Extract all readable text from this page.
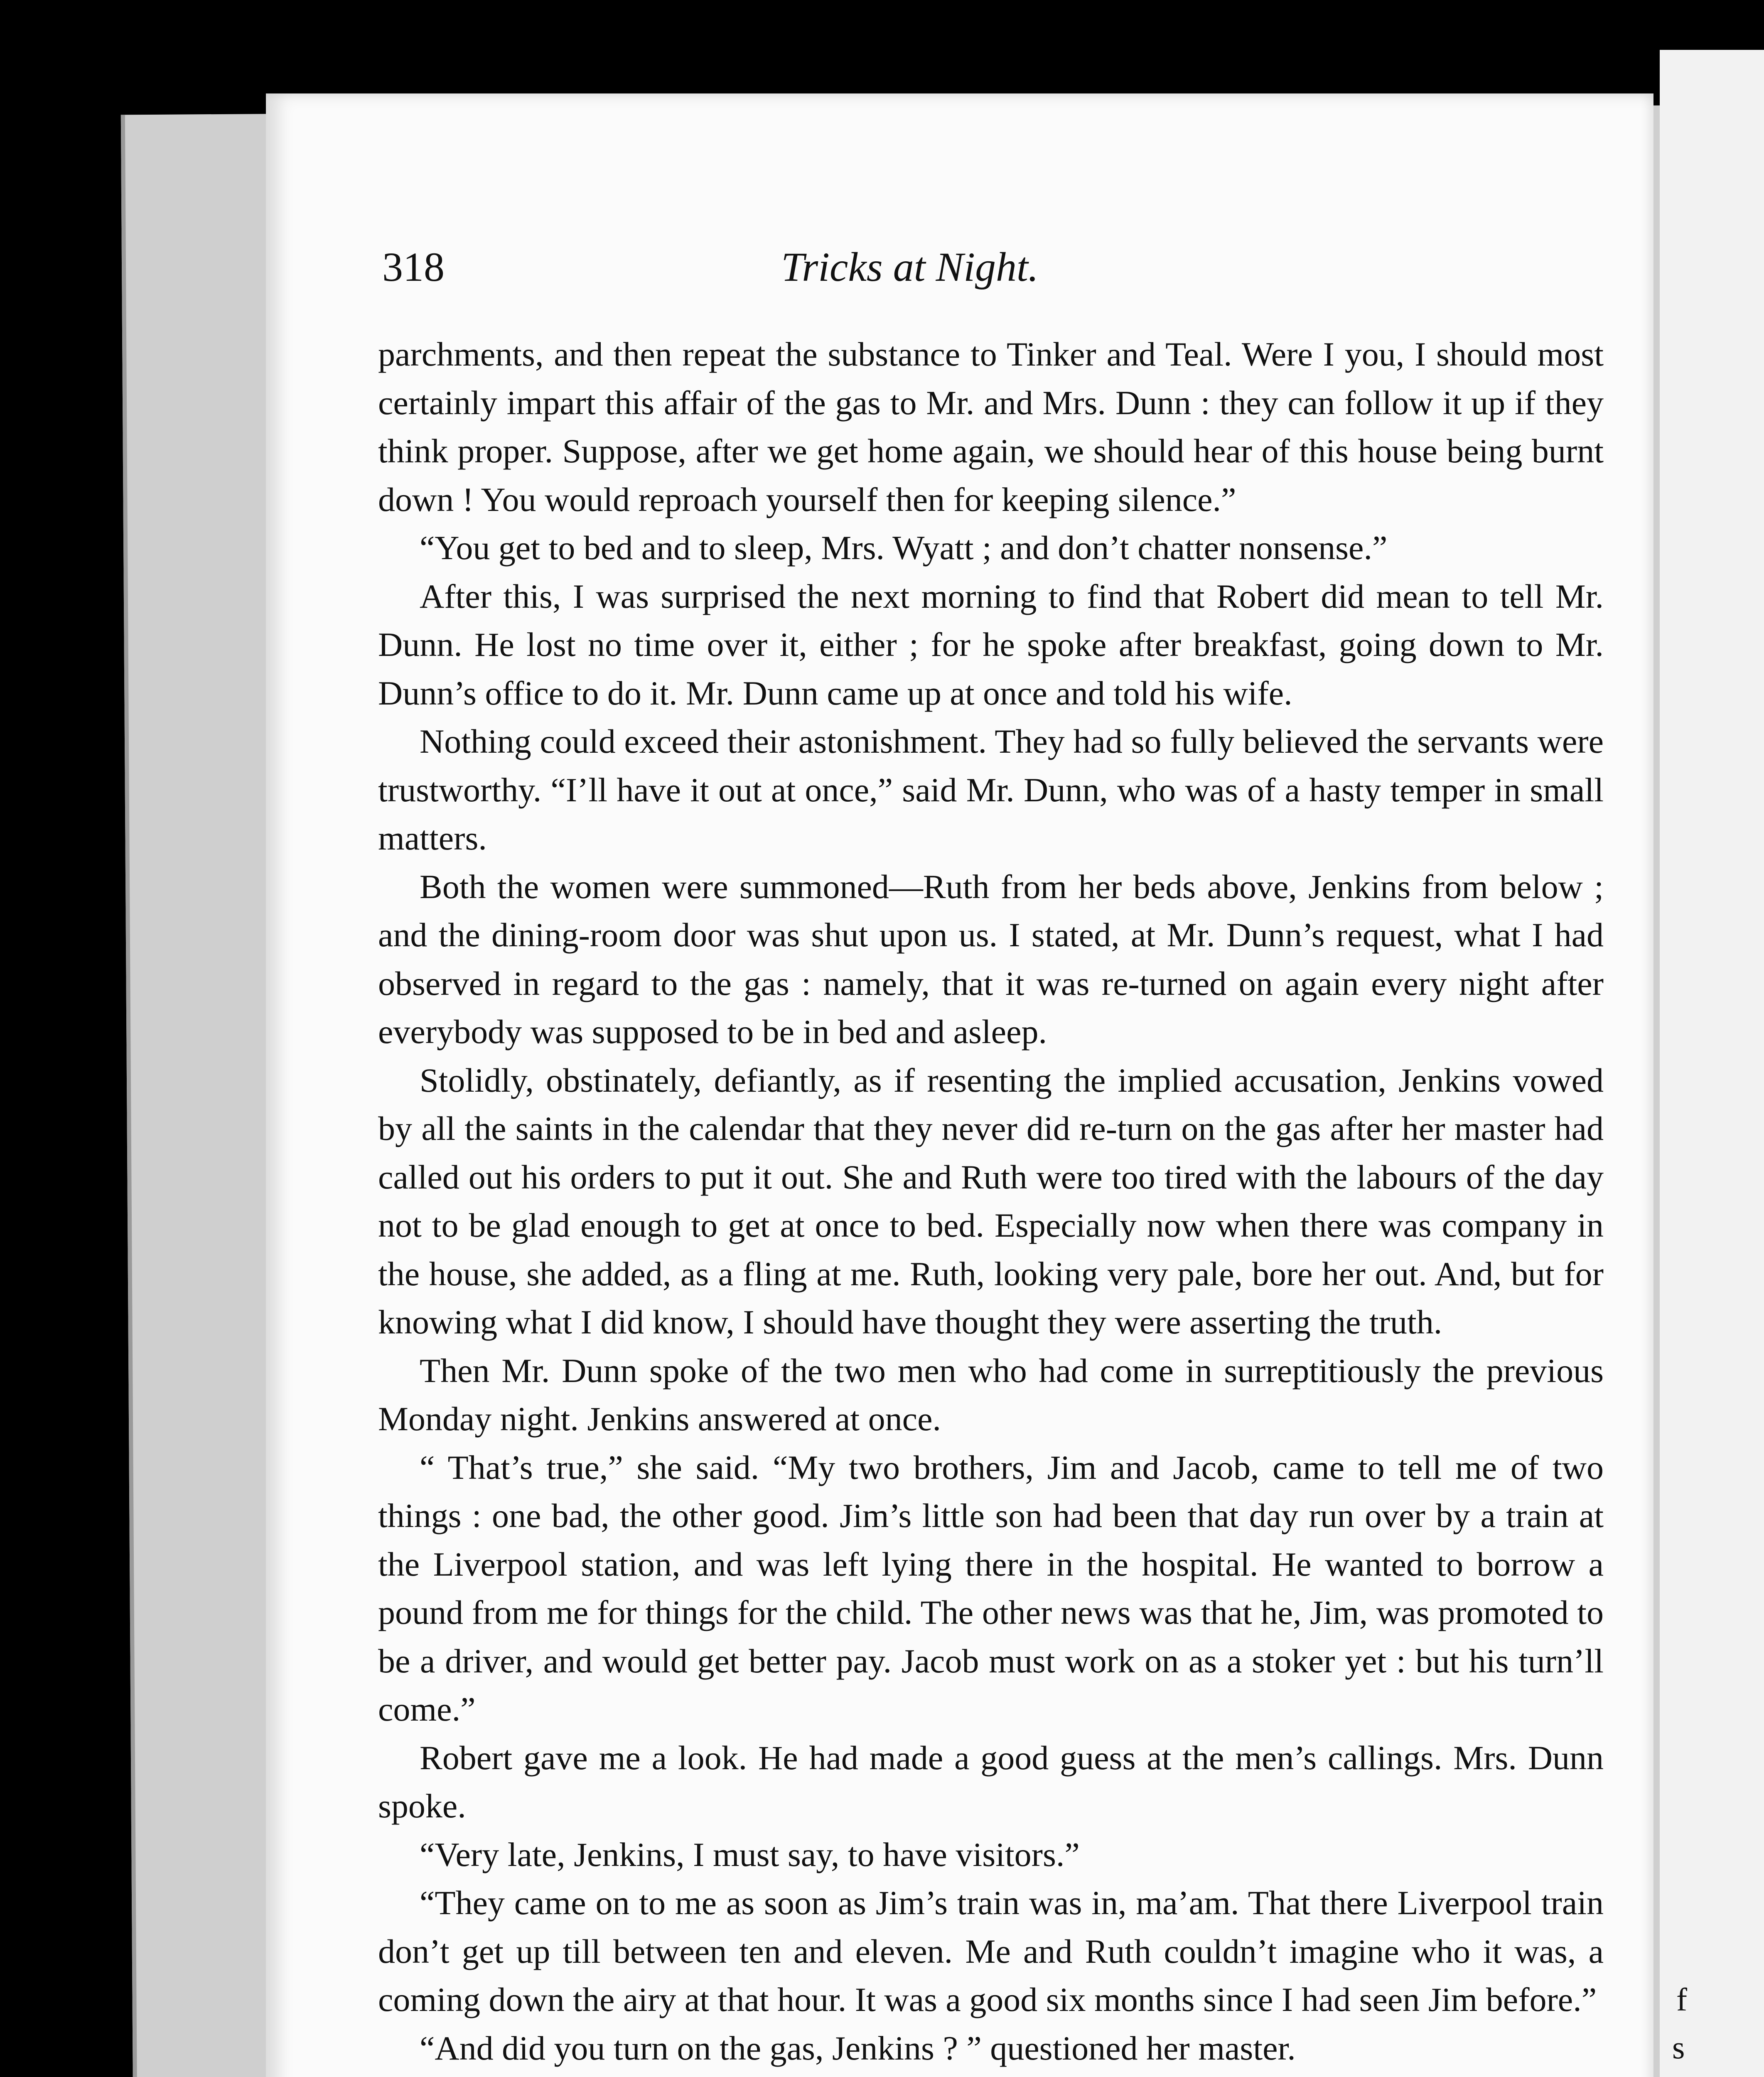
f
s
318	Tricks at Night.

parchments, and then repeat the substance to Tinker and Teal. Were I you, I should most certainly impart this affair of the gas to Mr. and Mrs. Dunn : they can follow it up if they think proper. Suppose, after we get home again, we should hear of this house being burnt down ! You would reproach yourself then for keeping silence.”

“You get to bed and to sleep, Mrs. Wyatt ; and don’t chatter nonsense.”

After this, I was surprised the next morning to find that Robert did mean to tell Mr. Dunn. He lost no time over it, either ; for he spoke after breakfast, going down to Mr. Dunn’s office to do it. Mr. Dunn came up at once and told his wife.

Nothing could exceed their astonishment. They had so fully believed the servants were trustworthy. “I’ll have it out at once,” said Mr. Dunn, who was of a hasty temper in small matters.

Both the women were summoned—Ruth from her beds above, Jenkins from below ; and the dining-room door was shut upon us. I stated, at Mr. Dunn’s request, what I had observed in regard to the gas : namely, that it was re-turned on again every night after everybody was supposed to be in bed and asleep.

Stolidly, obstinately, defiantly, as if resenting the implied accusation, Jenkins vowed by all the saints in the calendar that they never did re-turn on the gas after her master had called out his orders to put it out. She and Ruth were too tired with the labours of the day not to be glad enough to get at once to bed. Especially now when there was company in the house, she added, as a fling at me. Ruth, looking very pale, bore her out. And, but for knowing what I did know, I should have thought they were asserting the truth.

Then Mr. Dunn spoke of the two men who had come in surreptitiously the previous Monday night. Jenkins answered at once.

“ That’s true,” she said. “My two brothers, Jim and Jacob, came to tell me of two things : one bad, the other good. Jim’s little son had been that day run over by a train at the Liverpool station, and was left lying there in the hospital. He wanted to borrow a pound from me for things for the child. The other news was that he, Jim, was promoted to be a driver, and would get better pay. Jacob must work on as a stoker yet : but his turn’ll come.”

Robert gave me a look. He had made a good guess at the men’s callings. Mrs. Dunn spoke.

“Very late, Jenkins, I must say, to have visitors.”

“They came on to me as soon as Jim’s train was in, ma’am. That there Liverpool train don’t get up till between ten and eleven. Me and Ruth couldn’t imagine who it was, a coming down the airy at that hour. It was a good six months since I had seen Jim before.”

“And did you turn on the gas, Jenkins ? ” questioned her master.
